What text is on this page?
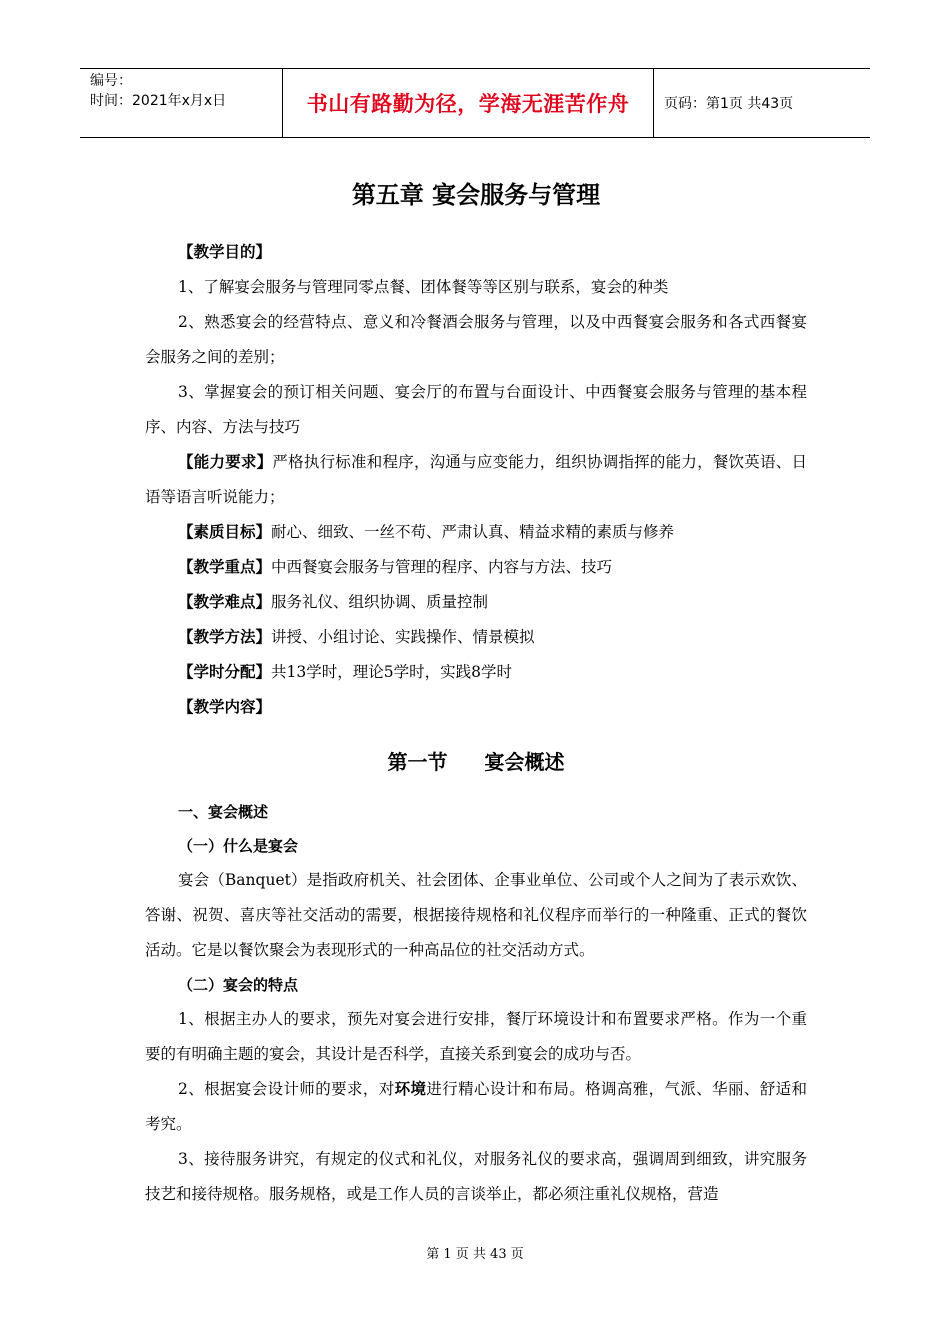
编号：
时间：2021年x月x日	书山有路勤为径，学海无涯苦作舟	页码：第1页 共43页
第五章 宴会服务与管理

【教学目的】

1、了解宴会服务与管理同零点餐、团体餐等等区别与联系，宴会的种类

2、熟悉宴会的经营特点、意义和冷餐酒会服务与管理，以及中西餐宴会服务和各式西餐宴会服务之间的差别；

3、掌握宴会的预订相关问题、宴会厅的布置与台面设计、中西餐宴会服务与管理的基本程序、内容、方法与技巧

【能力要求】严格执行标准和程序，沟通与应变能力，组织协调指挥的能力，餐饮英语、日语等语言听说能力；

【素质目标】耐心、细致、一丝不苟、严肃认真、精益求精的素质与修养

【教学重点】中西餐宴会服务与管理的程序、内容与方法、技巧

【教学难点】服务礼仪、组织协调、质量控制

【教学方法】讲授、小组讨论、实践操作、情景模拟

【学时分配】共13学时，理论5学时，实践8学时

【教学内容】

第一节 宴会概述
一、宴会概述
（一）什么是宴会

宴会（Banquet）是指政府机关、社会团体、企事业单位、公司或个人之间为了表示欢饮、答谢、祝贺、喜庆等社交活动的需要，根据接待规格和礼仪程序而举行的一种隆重、正式的餐饮活动。它是以餐饮聚会为表现形式的一种高品位的社交活动方式。

（二）宴会的特点

1、根据主办人的要求，预先对宴会进行安排，餐厅环境设计和布置要求严格。作为一个重要的有明确主题的宴会，其设计是否科学，直接关系到宴会的成功与否。

2、根据宴会设计师的要求，对环境进行精心设计和布局。格调高雅，气派、华丽、舒适和考究。

3、接待服务讲究，有规定的仪式和礼仪，对服务礼仪的要求高，强调周到细致，讲究服务技艺和接待规格。服务规格，或是工作人员的言谈举止，都必须注重礼仪规格，营造

第 1 页 共 43 页
